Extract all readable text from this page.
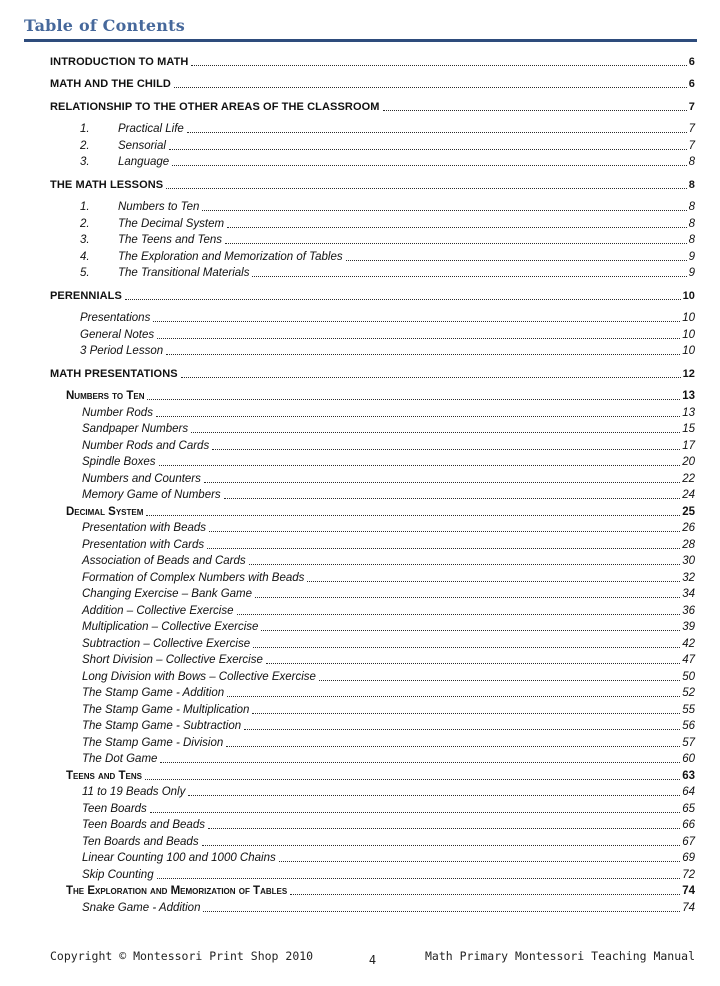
Table of Contents
INTRODUCTION TO MATH	6
MATH AND THE CHILD	6
RELATIONSHIP TO THE OTHER AREAS OF THE CLASSROOM	7
1.	Practical Life	7
2.	Sensorial	7
3.	Language	8
THE MATH LESSONS	8
1.	Numbers to Ten	8
2.	The Decimal System	8
3.	The Teens and Tens	8
4.	The Exploration and Memorization of Tables	9
5.	The Transitional Materials	9
PERENNIALS	10
Presentations	10
General Notes	10
3 Period Lesson	10
MATH PRESENTATIONS	12
Numbers to Ten	13
Number Rods	13
Sandpaper Numbers	15
Number Rods and Cards	17
Spindle Boxes	20
Numbers and Counters	22
Memory Game of Numbers	24
Decimal System	25
Presentation with Beads	26
Presentation with Cards	28
Association of Beads and Cards	30
Formation of Complex Numbers with Beads	32
Changing Exercise – Bank Game	34
Addition – Collective Exercise	36
Multiplication – Collective Exercise	39
Subtraction – Collective Exercise	42
Short Division – Collective Exercise	47
Long Division with Bows – Collective Exercise	50
The Stamp Game - Addition	52
The Stamp Game - Multiplication	55
The Stamp Game - Subtraction	56
The Stamp Game - Division	57
The Dot Game	60
Teens and Tens	63
11 to 19 Beads Only	64
Teen Boards	65
Teen Boards and Beads	66
Ten Boards and Beads	67
Linear Counting 100 and 1000 Chains	69
Skip Counting	72
The Exploration and Memorization of Tables	74
Snake Game - Addition	74
Copyright © Montessori Print Shop 2010	4	Math Primary Montessori Teaching Manual
